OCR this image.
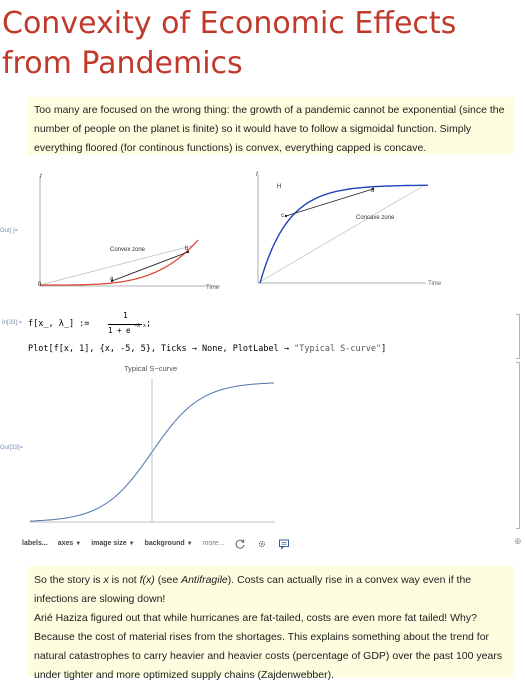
Convexity of Economic Effects from Pandemics

Too many are focused on the wrong thing: the growth of a pandemic cannot be exponential (since the number of people on the planet is finite) so it would have to follow a sigmoidal function. Simply everything floored (for continous functions) is convex, everything capped is concave.

Out[ ]=
f
a
b
0
Convex zone
Time
f
c
d
H
Concave zone
Time
In[33]:= f[x_, λ_] :=
1
1 + e −λ x ;
Plot[f[x, 1], {x, -5, 5}, Ticks → None, PlotLabel → "Typical S-curve"]
Out[33]=
Typical S−curve
labels... axes ▼ image size ▼ background ▼ more...	⊕

So the story is x is not f(x) (see Antifragile). Costs can actually rise in a convex way even if the infections are slowing down!

Arié Haziza figured out that while hurricanes are fat-tailed, costs are even more fat tailed! Why? Because the cost of material rises from the shortages. This explains something about the trend for natural catastrophes to carry heavier and heavier costs (percentage of GDP) over the past 100 years under tighter and more optimized supply chains (Zajdenwebber).
